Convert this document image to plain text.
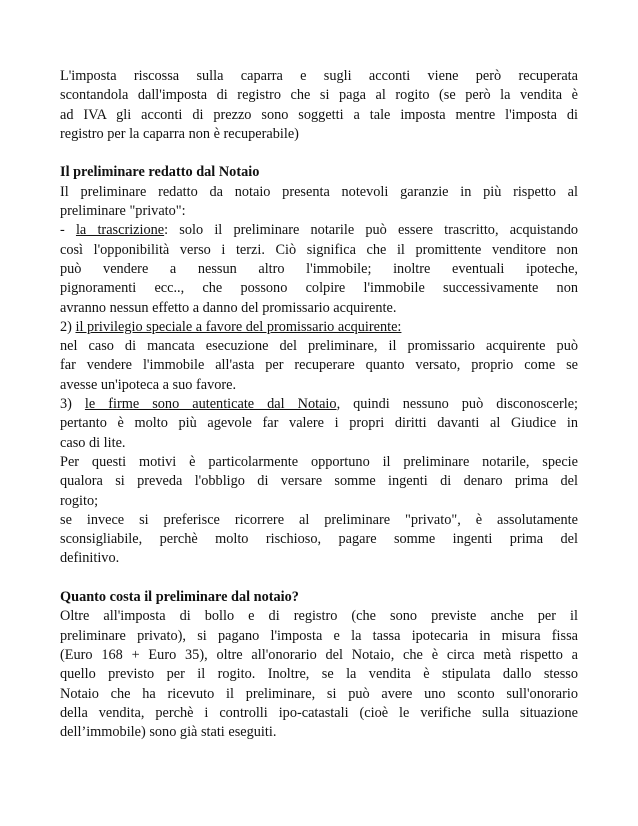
L'imposta riscossa sulla caparra e sugli acconti viene però recuperata
scontandola dall'imposta di registro che si paga al rogito (se però la vendita è
ad IVA gli acconti di prezzo sono soggetti a tale imposta mentre l'imposta di
registro per la caparra non è recuperabile)
Il preliminare redatto dal Notaio
Il preliminare redatto da notaio presenta notevoli garanzie in più rispetto al
preliminare "privato":
- la trascrizione: solo il preliminare notarile può essere trascritto, acquistando
così l'opponibilità verso i terzi. Ciò significa che il promittente venditore non
può vendere a nessun altro l'immobile; inoltre eventuali ipoteche,
pignoramenti ecc.., che possono colpire l'immobile successivamente non
avranno nessun effetto a danno del promissario acquirente.
2) il privilegio speciale a favore del promissario acquirente:
nel caso di mancata esecuzione del preliminare, il promissario acquirente può
far vendere l'immobile all'asta per recuperare quanto versato, proprio come se
avesse un'ipoteca a suo favore.
3) le firme sono autenticate dal Notaio, quindi nessuno può disconoscerle;
pertanto è molto più agevole far valere i propri diritti davanti al Giudice in
caso di lite.
Per questi motivi è particolarmente opportuno il preliminare notarile, specie
qualora si preveda l'obbligo di versare somme ingenti di denaro prima del
rogito;
se invece si preferisce ricorrere al preliminare "privato", è assolutamente
sconsigliabile, perchè molto rischioso, pagare somme ingenti prima del
definitivo.
Quanto costa il preliminare dal notaio?
Oltre all'imposta di bollo e di registro (che sono previste anche per il
preliminare privato), si pagano l'imposta e la tassa ipotecaria in misura fissa
(Euro 168 + Euro 35), oltre all'onorario del Notaio, che è circa metà rispetto a
quello previsto per il rogito. Inoltre, se la vendita è stipulata dallo stesso
Notaio che ha ricevuto il preliminare, si può avere uno sconto sull'onorario
della vendita, perchè i controlli ipo-catastali (cioè le verifiche sulla situazione
dell’immobile) sono già stati eseguiti.
